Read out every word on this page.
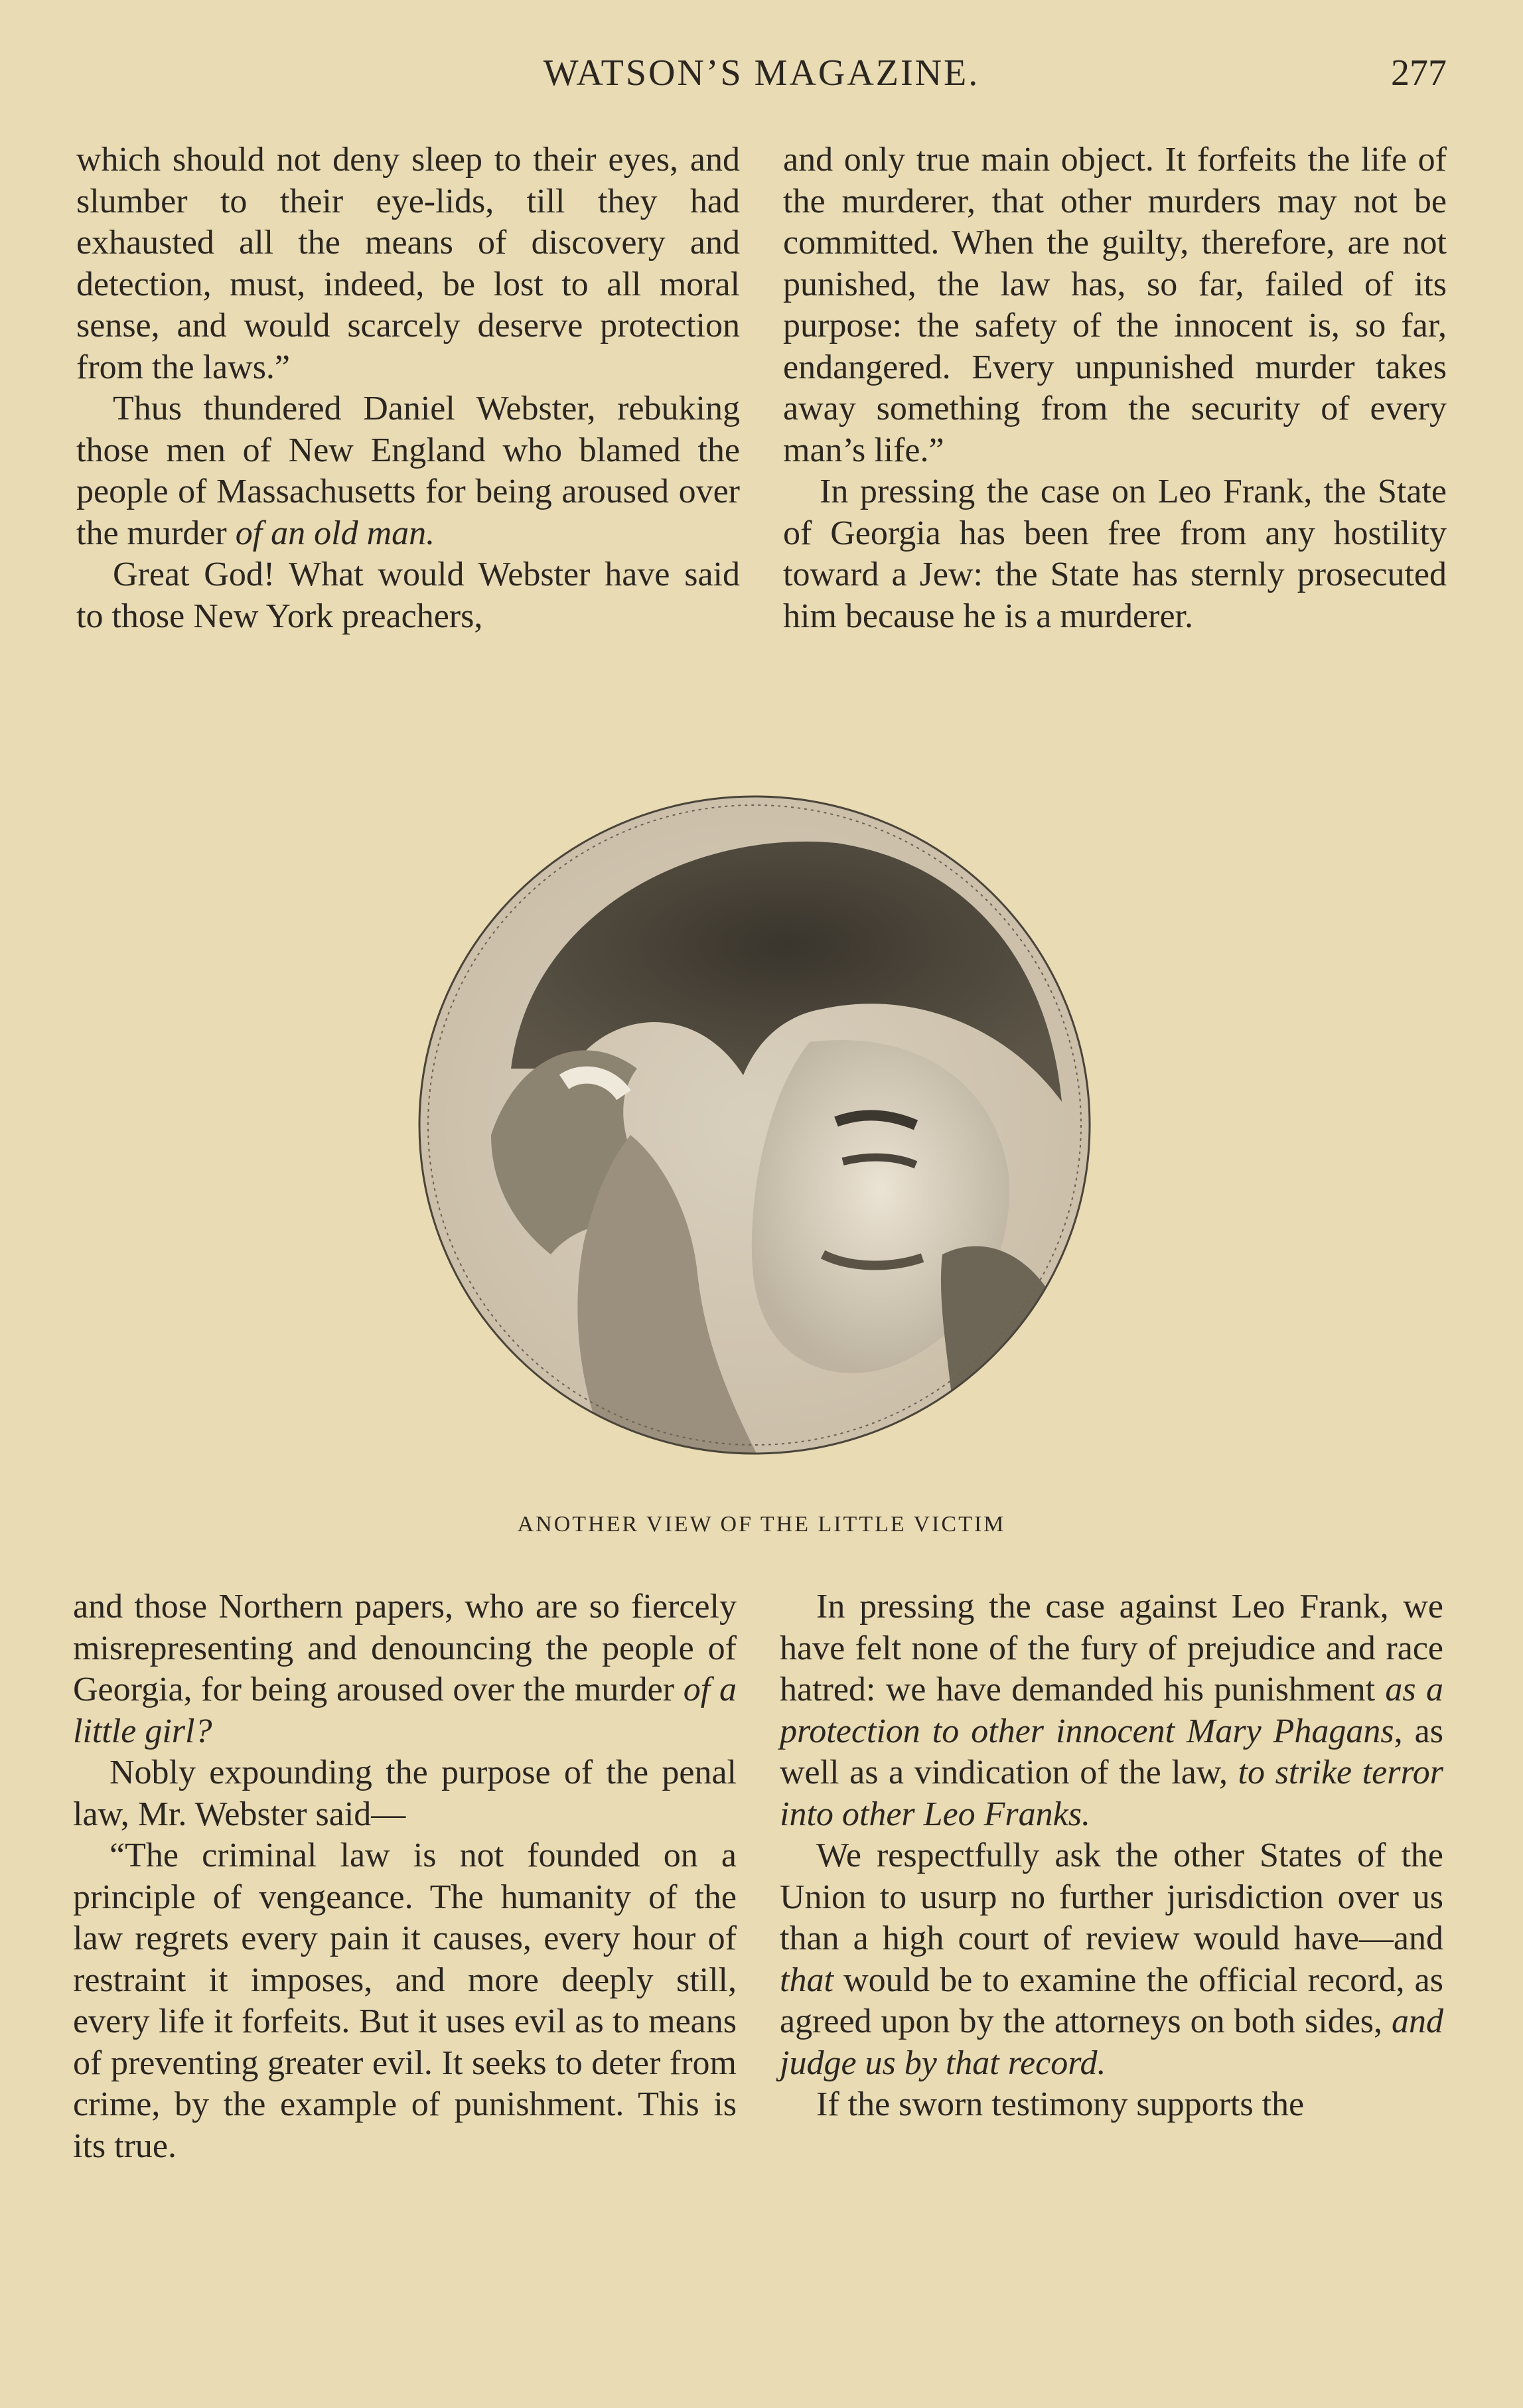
WATSON’S MAGAZINE.	277

which should not deny sleep to their eyes, and slumber to their eye-lids, till they had exhausted all the means of discovery and detection, must, indeed, be lost to all moral sense, and would scarcely deserve protection from the laws.”

Thus thundered Daniel Webster, rebuking those men of New England who blamed the people of Massachusetts for being aroused over the murder of an old man.

Great God! What would Webster have said to those New York preachers,

and only true main object. It forfeits the life of the murderer, that other murders may not be committed. When the guilty, therefore, are not punished, the law has, so far, failed of its purpose: the safety of the innocent is, so far, endangered. Every unpunished murder takes away something from the security of every man’s life.”

In pressing the case on Leo Frank, the State of Georgia has been free from any hostility toward a Jew: the State has sternly prosecuted him because he is a murderer.

ANOTHER VIEW OF THE LITTLE VICTIM

and those Northern papers, who are so fiercely misrepresenting and denouncing the people of Georgia, for being aroused over the murder of a little girl?

Nobly expounding the purpose of the penal law, Mr. Webster said—

“The criminal law is not founded on a principle of vengeance. The humanity of the law regrets every pain it causes, every hour of restraint it imposes, and more deeply still, every life it forfeits. But it uses evil as to means of preventing greater evil. It seeks to deter from crime, by the example of punishment. This is its true.

In pressing the case against Leo Frank, we have felt none of the fury of prejudice and race hatred: we have demanded his punishment as a protection to other innocent Mary Phagans, as well as a vindication of the law, to strike terror into other Leo Franks.

We respectfully ask the other States of the Union to usurp no further jurisdiction over us than a high court of review would have—and that would be to examine the official record, as agreed upon by the attorneys on both sides, and judge us by that record.

If the sworn testimony supports the
